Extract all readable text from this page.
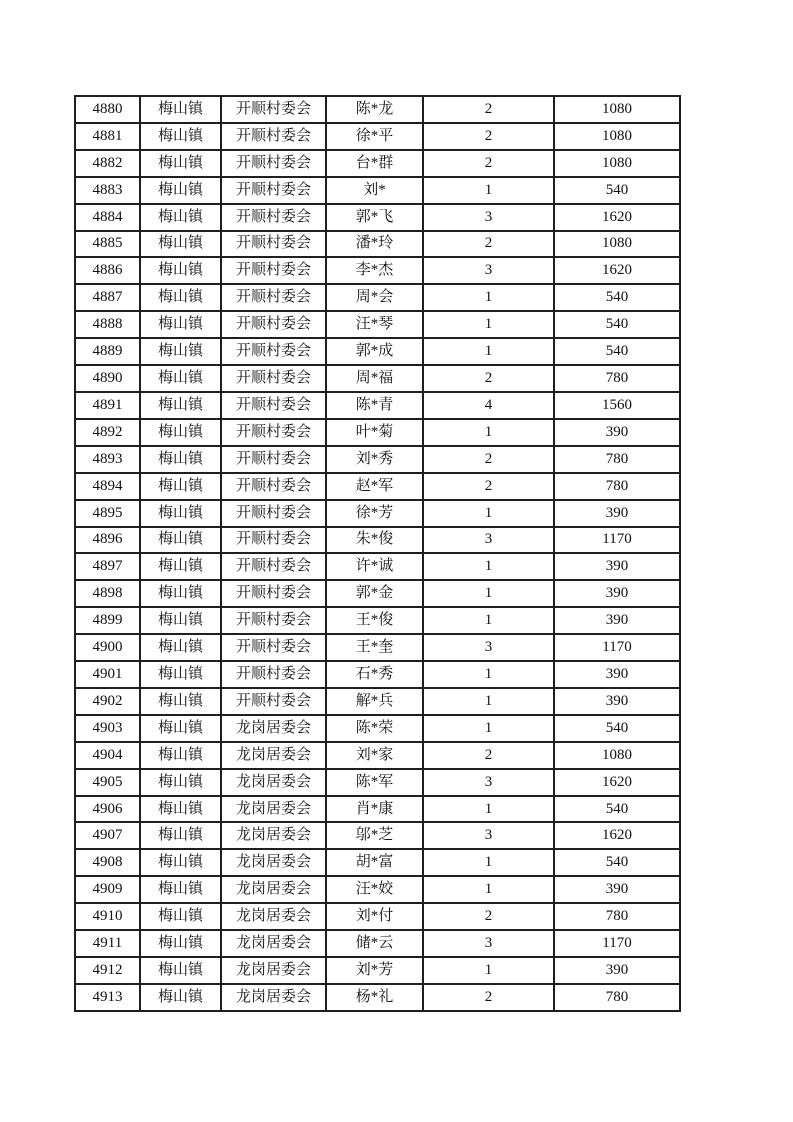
4880	梅山镇	开顺村委会	陈*龙	2	1080
4881	梅山镇	开顺村委会	徐*平	2	1080
4882	梅山镇	开顺村委会	台*群	2	1080
4883	梅山镇	开顺村委会	刘*	1	540
4884	梅山镇	开顺村委会	郭*飞	3	1620
4885	梅山镇	开顺村委会	潘*玲	2	1080
4886	梅山镇	开顺村委会	李*杰	3	1620
4887	梅山镇	开顺村委会	周*会	1	540
4888	梅山镇	开顺村委会	汪*琴	1	540
4889	梅山镇	开顺村委会	郭*成	1	540
4890	梅山镇	开顺村委会	周*福	2	780
4891	梅山镇	开顺村委会	陈*青	4	1560
4892	梅山镇	开顺村委会	叶*菊	1	390
4893	梅山镇	开顺村委会	刘*秀	2	780
4894	梅山镇	开顺村委会	赵*军	2	780
4895	梅山镇	开顺村委会	徐*芳	1	390
4896	梅山镇	开顺村委会	朱*俊	3	1170
4897	梅山镇	开顺村委会	许*诚	1	390
4898	梅山镇	开顺村委会	郭*金	1	390
4899	梅山镇	开顺村委会	王*俊	1	390
4900	梅山镇	开顺村委会	王*奎	3	1170
4901	梅山镇	开顺村委会	石*秀	1	390
4902	梅山镇	开顺村委会	解*兵	1	390
4903	梅山镇	龙岗居委会	陈*荣	1	540
4904	梅山镇	龙岗居委会	刘*家	2	1080
4905	梅山镇	龙岗居委会	陈*军	3	1620
4906	梅山镇	龙岗居委会	肖*康	1	540
4907	梅山镇	龙岗居委会	邬*芝	3	1620
4908	梅山镇	龙岗居委会	胡*富	1	540
4909	梅山镇	龙岗居委会	汪*姣	1	390
4910	梅山镇	龙岗居委会	刘*付	2	780
4911	梅山镇	龙岗居委会	储*云	3	1170
4912	梅山镇	龙岗居委会	刘*芳	1	390
4913	梅山镇	龙岗居委会	杨*礼	2	780
